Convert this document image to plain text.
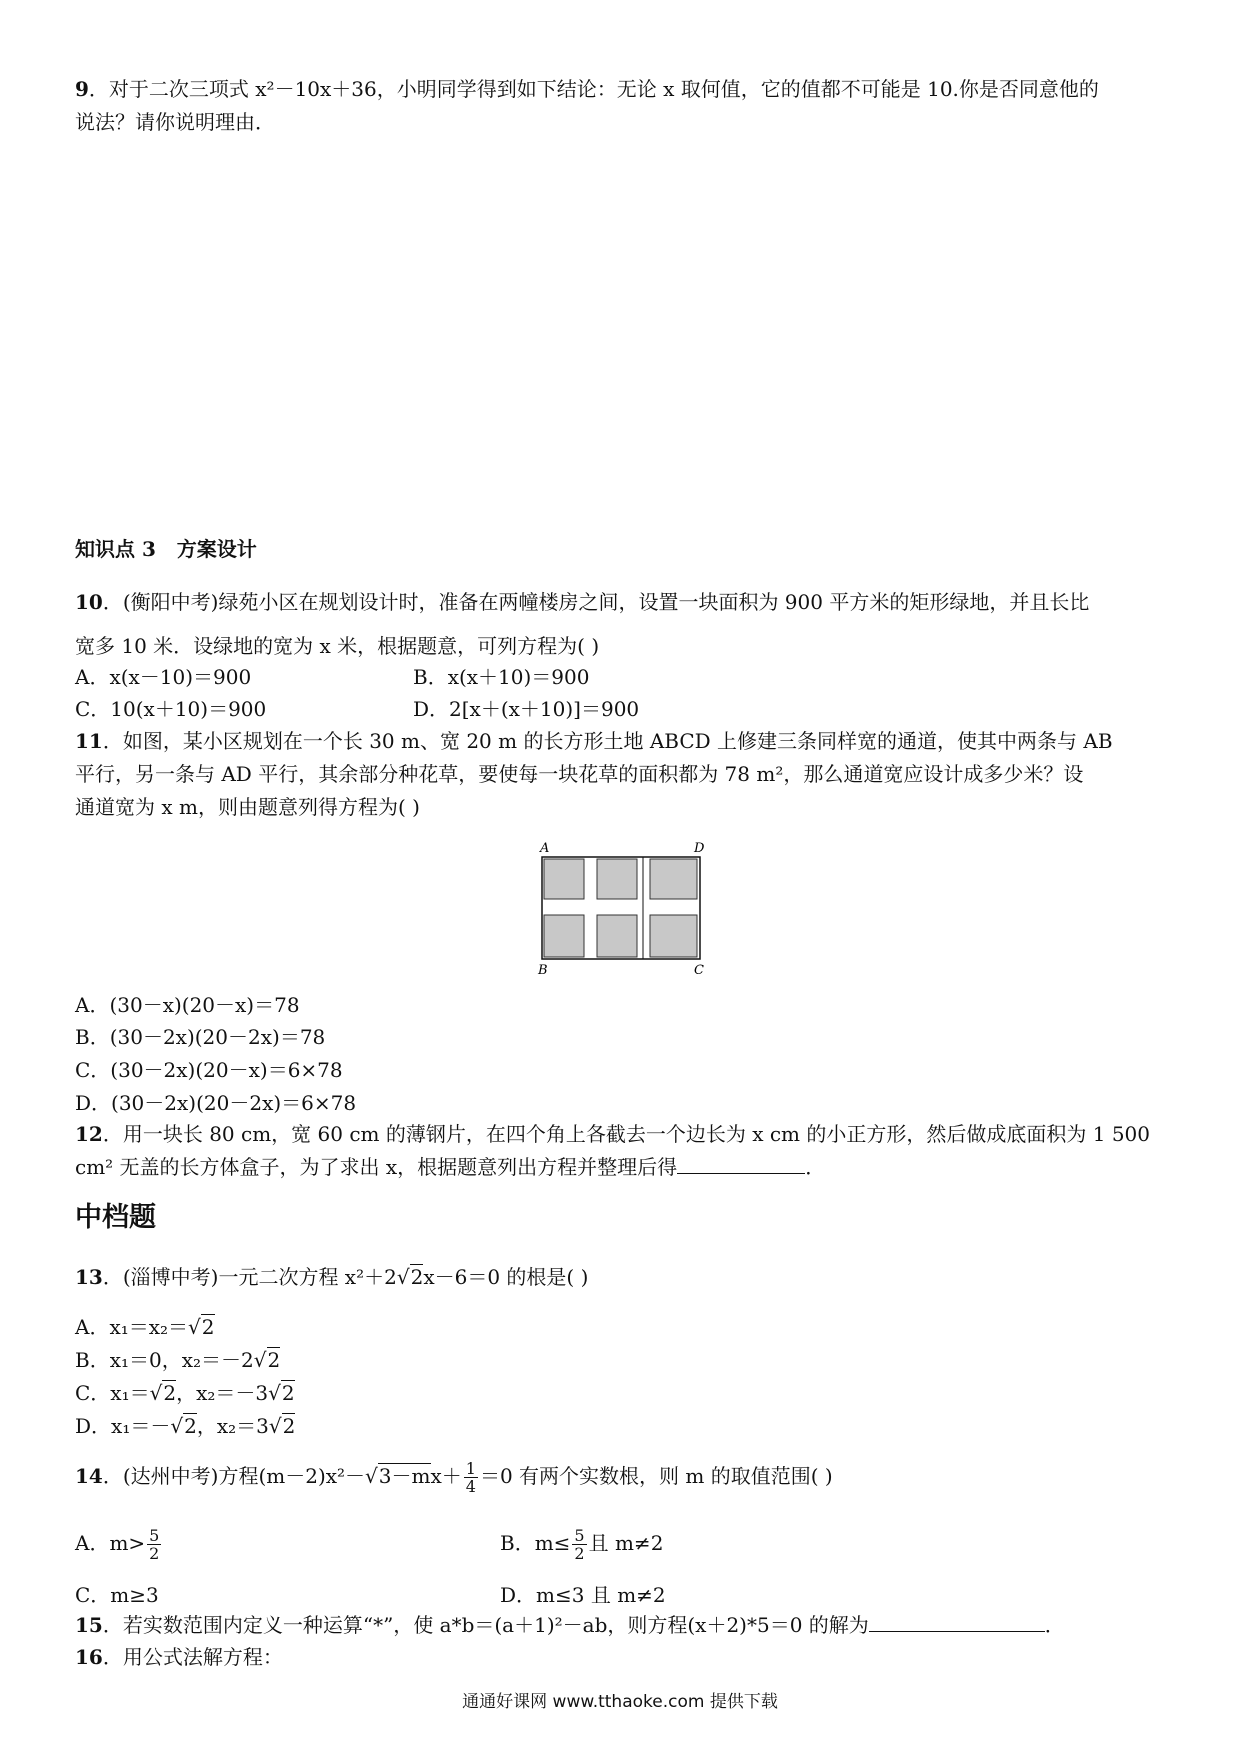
9．对于二次三项式 x²－10x＋36，小明同学得到如下结论：无论 x 取何值，它的值都不可能是 10.你是否同意他的
说法？请你说明理由．
知识点 3 方案设计
10．(衡阳中考)绿苑小区在规划设计时，准备在两幢楼房之间，设置一块面积为 900 平方米的矩形绿地，并且长比
宽多 10 米．设绿地的宽为 x 米，根据题意，可列方程为( )
A．x(x－10)＝900	B．x(x＋10)＝900
C．10(x＋10)＝900	D．2[x＋(x＋10)]＝900
11．如图，某小区规划在一个长 30 m、宽 20 m 的长方形土地 ABCD 上修建三条同样宽的通道，使其中两条与 AB
平行，另一条与 AD 平行，其余部分种花草，要使每一块花草的面积都为 78 m²，那么通道宽应设计成多少米？设
通道宽为 x m，则由题意列得方程为( )
A	D
B	C
A．(30－x)(20－x)＝78
B．(30－2x)(20－2x)＝78
C．(30－2x)(20－x)＝6×78
D．(30－2x)(20－2x)＝6×78
12．用一块长 80 cm，宽 60 cm 的薄钢片，在四个角上各截去一个边长为 x cm 的小正方形，然后做成底面积为 1 500
cm² 无盖的长方体盒子，为了求出 x，根据题意列出方程并整理后得	．
中档题
13．(淄博中考)一元二次方程 x²＋2√2x－6＝0 的根是( )
A．x₁＝x₂＝√2
B．x₁＝0，x₂＝－2√2
C．x₁＝√2，x₂＝－3√2
D．x₁＝－√2，x₂＝3√2
14．(达州中考)方程$(m-2)x^2-√3-mx+ \frac{1}{4} =0$ 有两个实数根，则 m 的取值范围( )
A．$m> \frac{5}{2}$	B．$m\le \frac{5}{2}$ 且 m≠2
C．m≥3	D．m≤3 且 m≠2
15．若实数范围内定义一种运算“*”，使 a*b＝(a＋1)²－ab，则方程(x＋2)*5＝0 的解为	．
16．用公式法解方程：
通通好课网 www.tthaoke.com 提供下载
